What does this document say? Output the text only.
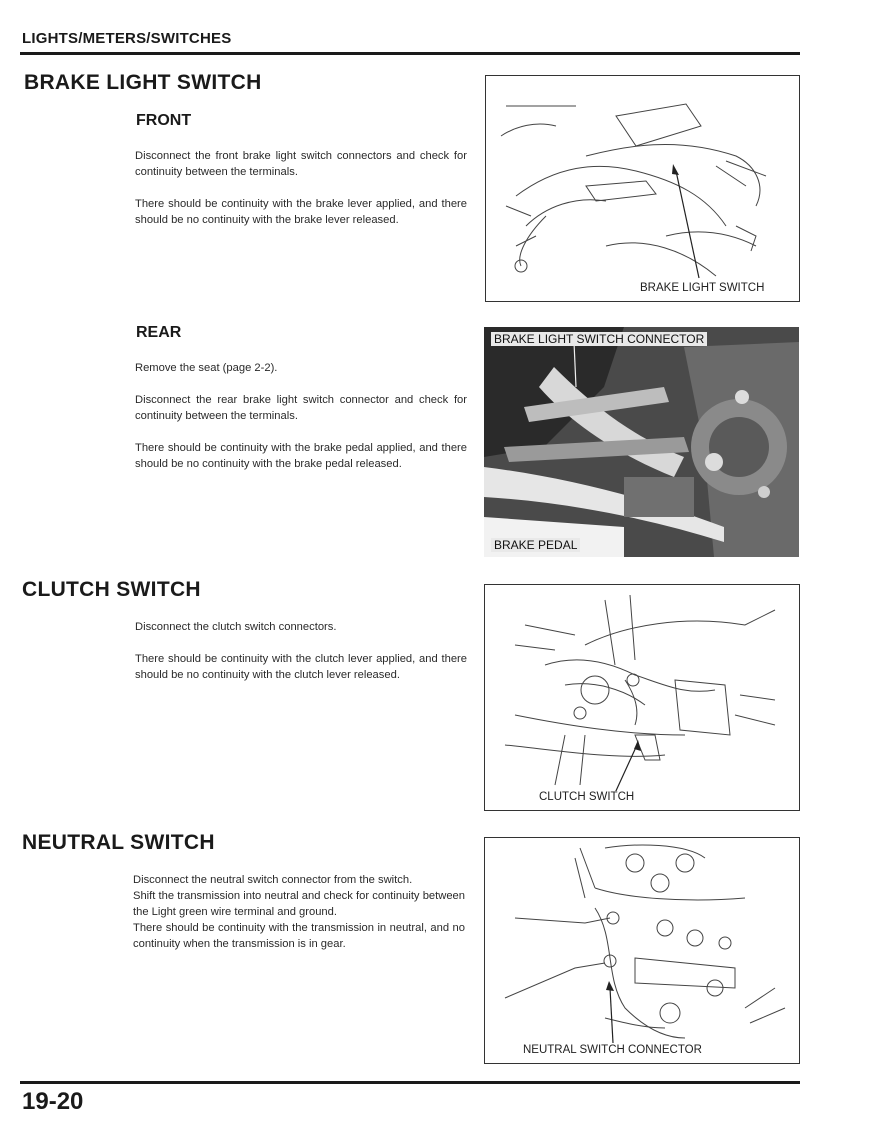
LIGHTS/METERS/SWITCHES
BRAKE LIGHT SWITCH
FRONT

Disconnect the front brake light switch connectors and check for continuity between the terminals.

There should be continuity with the brake lever applied, and there should be no continuity with the brake lever released.

BRAKE LIGHT SWITCH
REAR

Remove the seat (page 2-2).

Disconnect the rear brake light switch connector and check for continuity between the terminals.

There should be continuity with the brake pedal applied, and there should be no continuity with the brake pedal released.

BRAKE LIGHT SWITCH CONNECTOR
BRAKE PEDAL
CLUTCH SWITCH

Disconnect the clutch switch connectors.

There should be continuity with the clutch lever applied, and there should be no continuity with the clutch lever released.

CLUTCH SWITCH
NEUTRAL SWITCH
Disconnect the neutral switch connector from the switch.
Shift the transmission into neutral and check for continuity between the Light green wire terminal and ground.
There should be continuity with the transmission in neutral, and no continuity when the transmission is in gear.
NEUTRAL SWITCH CONNECTOR
19-20
